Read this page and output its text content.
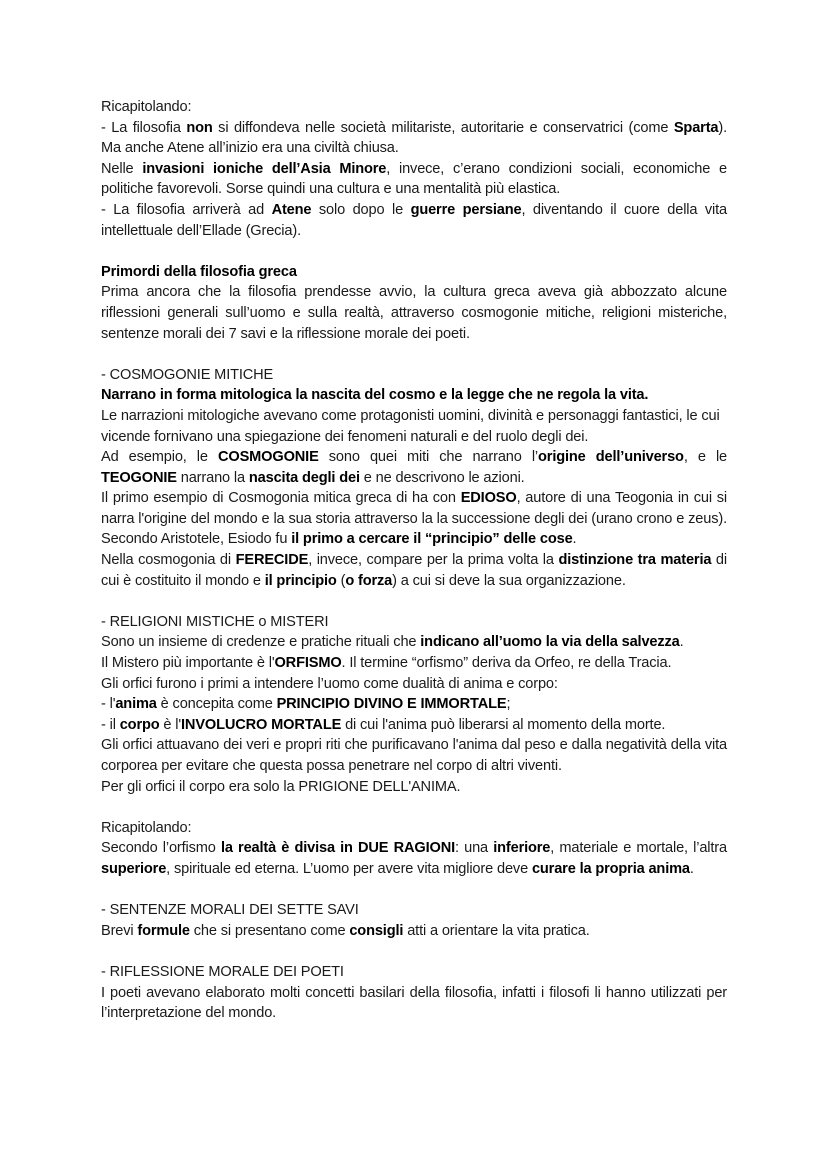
Ricapitolando:

- La filosofia non si diffondeva nelle società militariste, autoritarie e conservatrici (come Sparta). Ma anche Atene all’inizio era una civiltà chiusa.

Nelle invasioni ioniche dell’Asia Minore, invece, c’erano condizioni sociali, economiche e politiche favorevoli. Sorse quindi una cultura e una mentalità più elastica.

- La filosofia arriverà ad Atene solo dopo le guerre persiane, diventando il cuore della vita intellettuale dell’Ellade (Grecia).

Primordi della filosofia greca

Prima ancora che la filosofia prendesse avvio, la cultura greca aveva già abbozzato alcune riflessioni generali sull’uomo e sulla realtà, attraverso cosmogonie mitiche, religioni misteriche, sentenze morali dei 7 savi e la riflessione morale dei poeti.

- COSMOGONIE MITICHE

Narrano in forma mitologica la nascita del cosmo e la legge che ne regola la vita.

Le narrazioni mitologiche avevano come protagonisti uomini, divinità e personaggi fantastici, le cui vicende fornivano una spiegazione dei fenomeni naturali e del ruolo degli dei.

Ad esempio, le COSMOGONIE sono quei miti che narrano l’origine dell’universo, e le TEOGONIE narrano la nascita degli dei e ne descrivono le azioni.

Il primo esempio di Cosmogonia mitica greca di ha con EDIOSO, autore di una Teogonia in cui si narra l'origine del mondo e la sua storia attraverso la la successione degli dei (urano crono e zeus). Secondo Aristotele, Esiodo fu il primo a cercare il “principio” delle cose.

Nella cosmogonia di FERECIDE, invece, compare per la prima volta la distinzione tra materia di cui è costituito il mondo e il principio (o forza) a cui si deve la sua organizzazione.

- RELIGIONI MISTICHE o MISTERI

Sono un insieme di credenze e pratiche rituali che indicano all’uomo la via della salvezza.

Il Mistero più importante è l'ORFISMO. Il termine “orfismo” deriva da Orfeo, re della Tracia.

Gli orfici furono i primi a intendere l’uomo come dualità di anima e corpo:

- l'anima è concepita come PRINCIPIO DIVINO E IMMORTALE;

- il corpo è l'INVOLUCRO MORTALE di cui l'anima può liberarsi al momento della morte.

Gli orfici attuavano dei veri e propri riti che purificavano l'anima dal peso e dalla negatività della vita corporea per evitare che questa possa penetrare nel corpo di altri viventi.

Per gli orfici il corpo era solo la PRIGIONE DELL'ANIMA.

Ricapitolando:

Secondo l’orfismo la realtà è divisa in DUE RAGIONI: una inferiore, materiale e mortale, l’altra superiore, spirituale ed eterna. L’uomo per avere vita migliore deve curare la propria anima.

- SENTENZE MORALI DEI SETTE SAVI

Brevi formule che si presentano come consigli atti a orientare la vita pratica.

- RIFLESSIONE MORALE DEI POETI

I poeti avevano elaborato molti concetti basilari della filosofia, infatti i filosofi li hanno utilizzati per l’interpretazione del mondo.
